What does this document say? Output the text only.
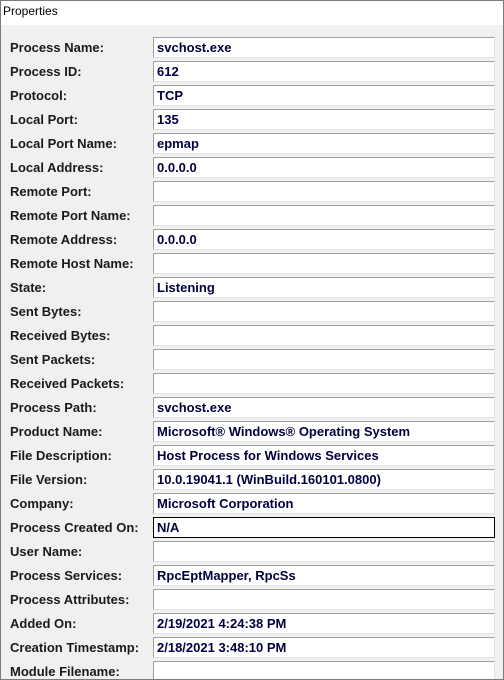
Properties
Process Name:	svchost.exe
Process ID:	612
Protocol:	TCP
Local Port:	135
Local Port Name:	epmap
Local Address:	0.0.0.0
Remote Port:
Remote Port Name:
Remote Address:	0.0.0.0
Remote Host Name:
State:	Listening
Sent Bytes:
Received Bytes:
Sent Packets:
Received Packets:
Process Path:	svchost.exe
Product Name:	Microsoft® Windows® Operating System
File Description:	Host Process for Windows Services
File Version:	10.0.19041.1 (WinBuild.160101.0800)
Company:	Microsoft Corporation
Process Created On: N/A
User Name:
Process Services:	RpcEptMapper, RpcSs
Process Attributes:
Added On:	2/19/2021 4:24:38 PM
Creation Timestamp: 2/18/2021 3:48:10 PM
Module Filename:
